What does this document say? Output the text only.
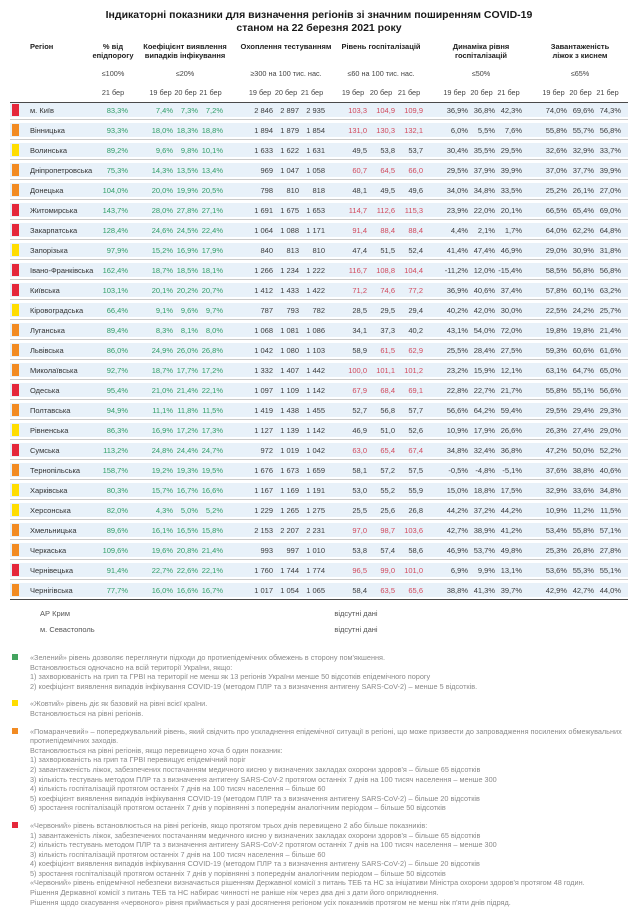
Індикаторні показники для визначення регіонів зі значним поширенням COVID-19
станом на 22 березня 2021 року
Регіон	% від епідпорогу
≤100%
Коефіцієнт виявлення випадків інфікування
≤20%
Охоплення тестуванням
≥300 на 100 тис. нас.
Рівень госпіталізацій
≤60 на 100 тис. нас.
Динаміка рівня госпіталізацій
≤50%
Завантаженість ліжок з киснем
≤65%
21 бер	19 бер 20 бер 21 бер	19 бер 20 бер 21 бер	19 бер 20 бер 21 бер	19 бер 20 бер 21 бер	19 бер 20 бер 21 бер
м. Київ	83,3%	7,4%	7,3%	7,2%	2 846 2 897 2 935	103,3	104,9	109,9	36,9% 36,8% 42,3%	74,0% 69,6% 74,3%
Вінницька	93,3%	18,0% 18,3% 18,8%	1 894 1 879 1 854	131,0	130,3	132,1	6,0%	5,5%	7,6%	55,8% 55,7% 56,8%
Волинська	89,2%	9,6%	9,8% 10,1%	1 633 1 622 1 631	49,5	53,8	53,7	30,4% 35,5% 29,5%	32,6% 32,9% 33,7%
Дніпропетровська	75,3%	14,3% 13,5% 13,4%	969 1 047 1 058	60,7	64,5	66,0	29,5% 37,9% 39,9%	37,0% 37,7% 39,9%
Донецька	104,0%	20,0% 19,9% 20,5%	798	810	818	48,1	49,5	49,6	34,0% 34,8% 33,5%	25,2% 26,1% 27,0%
Житомирська	143,7%	28,0% 27,8% 27,1%	1 691 1 675 1 653	114,7	112,6	115,3	23,9% 22,0% 20,1%	66,5% 65,4% 69,0%
Закарпатська	128,4%	24,6% 24,5% 22,4%	1 064 1 088 1 171	91,4	88,4	88,4	4,4%	2,1%	1,7%	64,0% 62,2% 64,8%
Запорізька	97,9%	15,2% 16,9% 17,9%	840	813	810	47,4	51,5	52,4	41,4% 47,4% 46,9%	29,0% 30,9% 31,8%
Івано-Франківська	162,4%	18,7% 18,5% 18,1%	1 266 1 234 1 222	116,7	108,8	104,4	-11,2% 12,0% -15,4%	58,5% 56,8% 56,8%
Київська	103,1%	20,1% 20,2% 20,7%	1 412 1 433 1 422	71,2	74,6	77,2	36,9% 40,6% 37,4%	57,8% 60,1% 63,2%
Кіровоградська	66,4%	9,1%	9,6%	9,7%	787	793	782	28,5	29,5	29,4	40,2% 42,0% 30,0%	22,5% 24,2% 25,7%
Луганська	89,4%	8,3%	8,1%	8,0%	1 068 1 081 1 086	34,1	37,3	40,2	43,1% 54,0% 72,0%	19,8% 19,8% 21,4%
Львівська	86,0%	24,9% 26,0% 26,8%	1 042 1 080 1 103	58,9	61,5	62,9	25,5% 28,4% 27,5%	59,3% 60,6% 61,6%
Миколаївська	92,7%	18,7% 17,7% 17,2%	1 332 1 407 1 442	100,0	101,1	101,2	23,2% 15,9% 12,1%	63,1% 64,7% 65,0%
Одеська	95,4%	21,0% 21,4% 22,1%	1 097 1 109 1 142	67,9	68,4	69,1	22,8% 22,7% 21,7%	55,8% 55,1% 56,6%
Полтавська	94,9%	11,1% 11,8% 11,5%	1 419 1 438 1 455	52,7	56,8	57,7	56,6% 64,2% 59,4%	29,5% 29,4% 29,3%
Рівненська	86,3%	16,9% 17,2% 17,3%	1 127 1 139 1 142	46,9	51,0	52,6	10,9% 17,9% 26,6%	26,3% 27,4% 29,0%
Сумська	113,2%	24,8% 24,4% 24,7%	972 1 019 1 042	63,0	65,4	67,4	34,8% 32,4% 36,8%	47,2% 50,0% 52,2%
Тернопільська	158,7%	19,2% 19,3% 19,5%	1 676 1 673 1 659	58,1	57,2	57,5	-0,5% -4,8% -5,1%	37,6% 38,8% 40,6%
Харківська	80,3%	15,7% 16,7% 16,6%	1 167 1 169 1 191	53,0	55,2	55,9	15,0% 18,8% 17,5%	32,9% 33,6% 34,8%
Херсонська	82,0%	4,3%	5,0%	5,2%	1 229 1 265 1 275	25,5	25,6	26,8	44,2% 37,2% 44,2%	10,9% 11,2% 11,5%
Хмельницька	89,6%	16,1% 16,5% 15,8%	2 153 2 207 2 231	97,0	98,7	103,6	42,7% 38,9% 41,2%	53,4% 55,8% 57,1%
Черкаська	109,6%	19,6% 20,8% 21,4%	993	997 1 010	53,8	57,4	58,6	46,9% 53,7% 49,8%	25,3% 26,8% 27,8%
Чернівецька	91,4%	22,7% 22,6% 22,1%	1 760 1 744 1 774	96,5	99,0	101,0	6,9%	9,9% 13,1%	53,6% 55,3% 55,1%
Чернігівська	77,7%	16,0% 16,6% 16,7%	1 017 1 054 1 065	58,4	63,5	65,6	38,8% 41,3% 39,7%	42,9% 42,7% 44,0%
АР Крим	відсутні дані
м. Севастополь	відсутні дані
«Зелений» рівень дозволяє переглянути підходи до протиепідемічних обмежень в сторону пом'якшення.
Встановлюється одночасно на всій території України, якщо:
1) захворюваність на грип та ГРВІ на території не менш як 13 регіонів України менше 50 відсотків епідемічного порогу
2) коефіцієнт виявлення випадків інфікування COVID-19 (методом ПЛР та з визначення антигену SARS-CoV-2) – менше 5 відсотків.
«Жовтий» рівень діє як базовий на рівні всієї країни.
Встановлюється на рівні регіонів.
«Помаранчевий» – попереджувальний рівень, який свідчить про ускладнення епідемічної ситуації в регіоні, що може призвести до запровадження посилених обмежувальних
протиепідемічних заходів.
Встановлюється на рівні регіонів, якщо перевищено хоча б один показник:
1) захворюваність на грип та ГРВІ перевищує епідемічний поріг
2) завантаженість ліжок, забезпечених постачанням медичного кисню у визначених закладах охорони здоров'я – більше 65 відсотків
3) кількість тестувань методом ПЛР та з визначення антигену SARS-CoV-2 протягом останніх 7 днів на 100 тисяч населення – менше 300
4) кількість госпіталізацій протягом останніх 7 днів на 100 тисяч населення – більше 60
5) коефіцієнт виявлення випадків інфікування COVID-19 (методом ПЛР та з визначення антигену SARS-CoV-2) – більше 20 відсотків
6) зростання госпіталізацій протягом останніх 7 днів у порівнянні з попереднім аналогічним періодом – більше 50 відсотків
«Червоний» рівень встановлюється на рівні регіонів, якщо протягом трьох днів перевищено 2 або більше показників:
1) завантаженість ліжок, забезпечених постачанням медичного кисню у визначених закладах охорони здоров'я – більше 65 відсотків
2) кількість тестувань методом ПЛР та з визначення антигену SARS-CoV-2 протягом останніх 7 днів на 100 тисяч населення – менше 300
3) кількість госпіталізацій протягом останніх 7 днів на 100 тисяч населення – більше 60
4) коефіцієнт виявлення випадків інфікування COVID-19 (методом ПЛР та з визначення антигену SARS-CoV-2) – більше 20 відсотків
5) зростання госпіталізацій протягом останніх 7 днів у порівнянні з попереднім аналогічним періодом – більше 50 відсотків
«Червоний» рівень епідемічної небезпеки визначається рішенням Державної комісії з питань ТЕБ та НС за ініціативи Міністра охорони здоров'я протягом 48 годин.
Рішення Державної комісії з питань ТЕБ та НС набирає чинності не раніше ніж через два дні з дати його оприлюднення.
Рішення щодо скасування «червоного» рівня приймається у разі досягнення регіоном усіх показників протягом не менш ніж п'яти днів підряд.
